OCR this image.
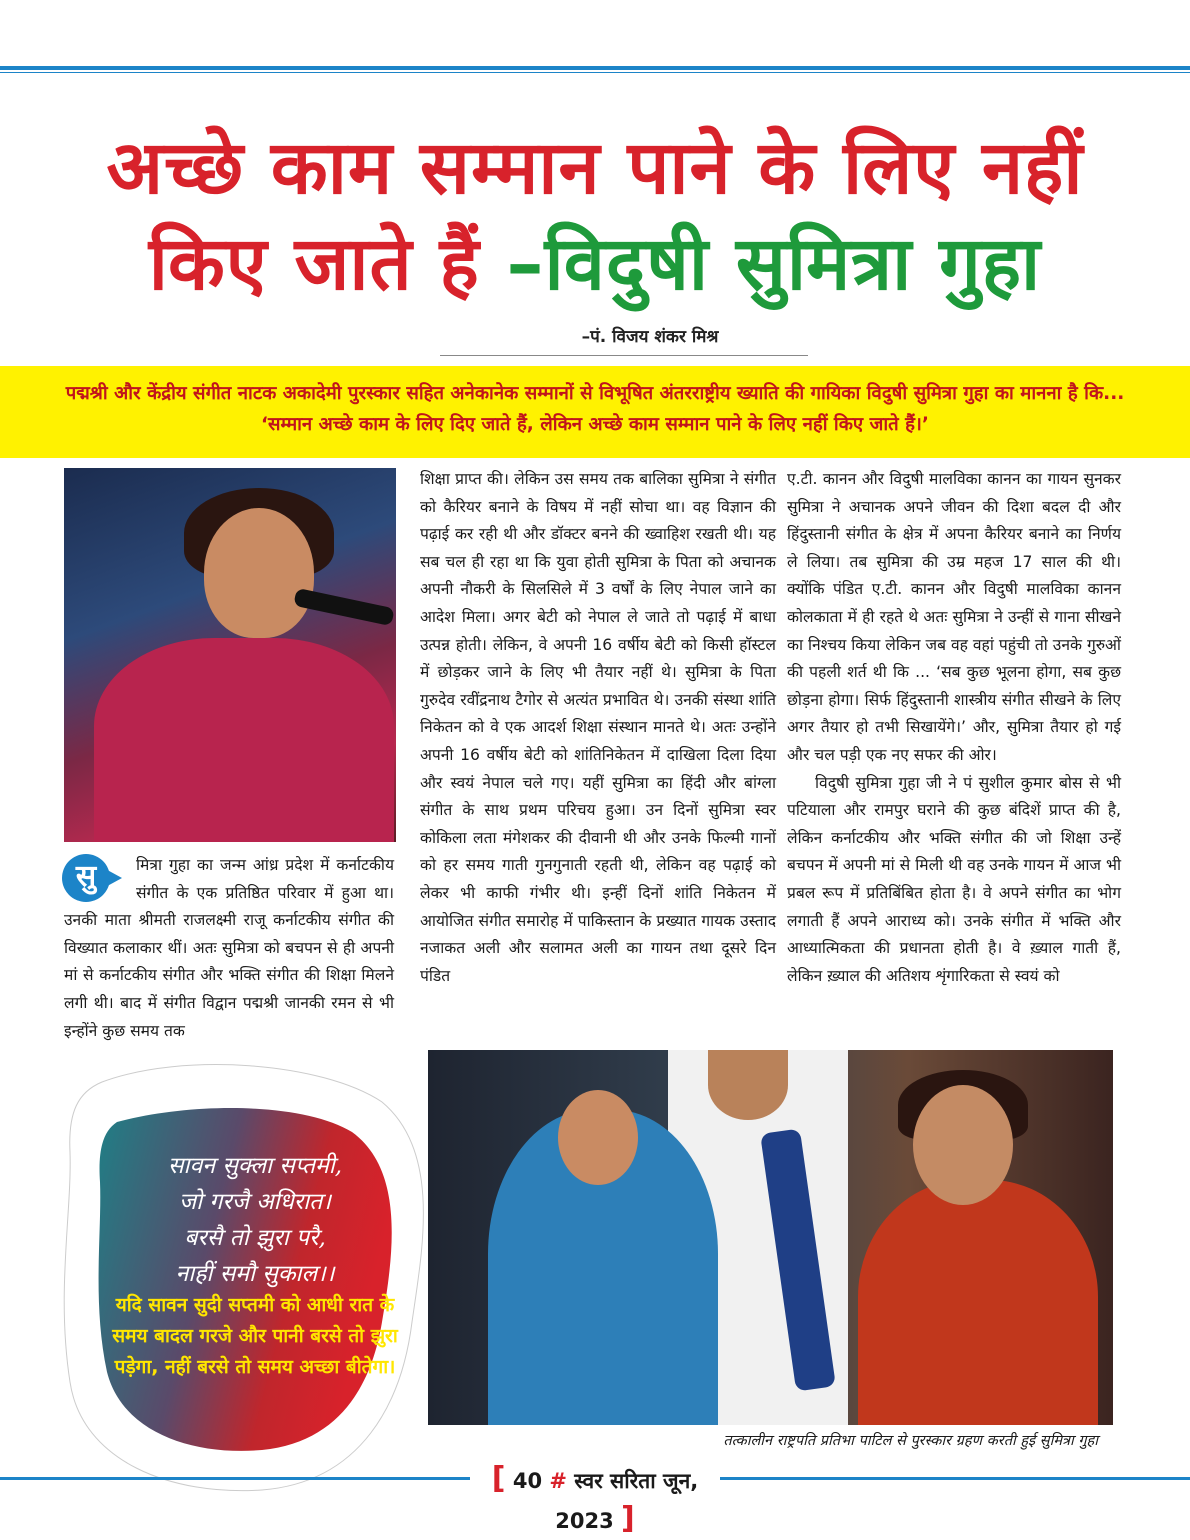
अच्छे काम सम्मान पाने के लिए नहीं
किए जाते हैं –विदुषी सुमित्रा गुहा
–पं. विजय शंकर मिश्र
पद्मश्री और केंद्रीय संगीत नाटक अकादेमी पुरस्कार सहित अनेकानेक सम्मानों से विभूषित अंतरराष्ट्रीय ख्याति की गायिका विदुषी सुमित्रा गुहा का मानना है कि... ‘सम्मान अच्छे काम के लिए दिए जाते हैं, लेकिन अच्छे काम सम्मान पाने के लिए नहीं किए जाते हैं।’
सु	मित्रा गुहा का जन्म आंध्र प्रदेश में कर्नाटकीय संगीत के एक प्रतिष्ठित परिवार में हुआ था। उनकी माता श्रीमती राजलक्ष्मी राजू कर्नाटकीय संगीत की विख्यात कलाकार थीं। अतः सुमित्रा को बचपन से ही अपनी मां से कर्नाटकीय संगीत और भक्ति संगीत की शिक्षा मिलने लगी थी। बाद में संगीत विद्वान पद्मश्री जानकी रमन से भी इन्होंने कुछ समय तक

शिक्षा प्राप्त की। लेकिन उस समय तक बालिका सुमित्रा ने संगीत को कैरियर बनाने के विषय में नहीं सोचा था। वह विज्ञान की पढ़ाई कर रही थी और डॉक्टर बनने की ख्वाहिश रखती थी। यह सब चल ही रहा था कि युवा होती सुमित्रा के पिता को अचानक अपनी नौकरी के सिलसिले में 3 वर्षों के लिए नेपाल जाने का आदेश मिला। अगर बेटी को नेपाल ले जाते तो पढ़ाई में बाधा उत्पन्न होती। लेकिन, वे अपनी 16 वर्षीय बेटी को किसी हॉस्टल में छोड़कर जाने के लिए भी तैयार नहीं थे। सुमित्रा के पिता गुरुदेव रवींद्रनाथ टैगोर से अत्यंत प्रभावित थे। उनकी संस्था शांति निकेतन को वे एक आदर्श शिक्षा संस्थान मानते थे। अतः उन्होंने अपनी 16 वर्षीय बेटी को शांतिनिकेतन में दाखिला दिला दिया और स्वयं नेपाल चले गए। यहीं सुमित्रा का हिंदी और बांग्ला संगीत के साथ प्रथम परिचय हुआ। उन दिनों सुमित्रा स्वर कोकिला लता मंगेशकर की दीवानी थी और उनके फिल्मी गानों को हर समय गाती गुनगुनाती रहती थी, लेकिन वह पढ़ाई को लेकर भी काफी गंभीर थी। इन्हीं दिनों शांति निकेतन में आयोजित संगीत समारोह में पाकिस्तान के प्रख्यात गायक उस्ताद नजाकत अली और सलामत अली का गायन तथा दूसरे दिन पंडित

ए.टी. कानन और विदुषी मालविका कानन का गायन सुनकर सुमित्रा ने अचानक अपने जीवन की दिशा बदल दी और हिंदुस्तानी संगीत के क्षेत्र में अपना कैरियर बनाने का निर्णय ले लिया। तब सुमित्रा की उम्र महज 17 साल की थी। क्योंकि पंडित ए.टी. कानन और विदुषी मालविका कानन कोलकाता में ही रहते थे अतः सुमित्रा ने उन्हीं से गाना सीखने का निश्चय किया लेकिन जब वह वहां पहुंची तो उनके गुरुओं की पहली शर्त थी कि ... ‘सब कुछ भूलना होगा, सब कुछ छोड़ना होगा। सिर्फ हिंदुस्तानी शास्त्रीय संगीत सीखने के लिए अगर तैयार हो तभी सिखायेंगे।’ और, सुमित्रा तैयार हो गई और चल पड़ी एक नए सफर की ओर।

विदुषी सुमित्रा गुहा जी ने पं सुशील कुमार बोस से भी पटियाला और रामपुर घराने की कुछ बंदिशें प्राप्त की है, लेकिन कर्नाटकीय और भक्ति संगीत की जो शिक्षा उन्हें बचपन में अपनी मां से मिली थी वह उनके गायन में आज भी प्रबल रूप में प्रतिबिंबित होता है। वे अपने संगीत का भोग लगाती हैं अपने आराध्य को। उनके संगीत में भक्ति और आध्यात्मिकता की प्रधानता होती है। वे ख़्याल गाती हैं, लेकिन ख़्याल की अतिशय शृंगारिकता से स्वयं को

सावन सुक्ला सप्तमी,
जो गरजै अधिरात।
बरसै तो झुरा परै,
नाहीं समौ सुकाल।।
यदि सावन सुदी सप्तमी को आधी रात के समय बादल गरजे और पानी बरसे तो झुरा पड़ेगा, नहीं बरसे तो समय अच्छा बीतेगा।
तत्कालीन राष्ट्रपति प्रतिभा पाटिल से पुरस्कार ग्रहण करती हुई सुमित्रा गुहा
[ 40 # स्वर सरिता जून, 2023 ]
